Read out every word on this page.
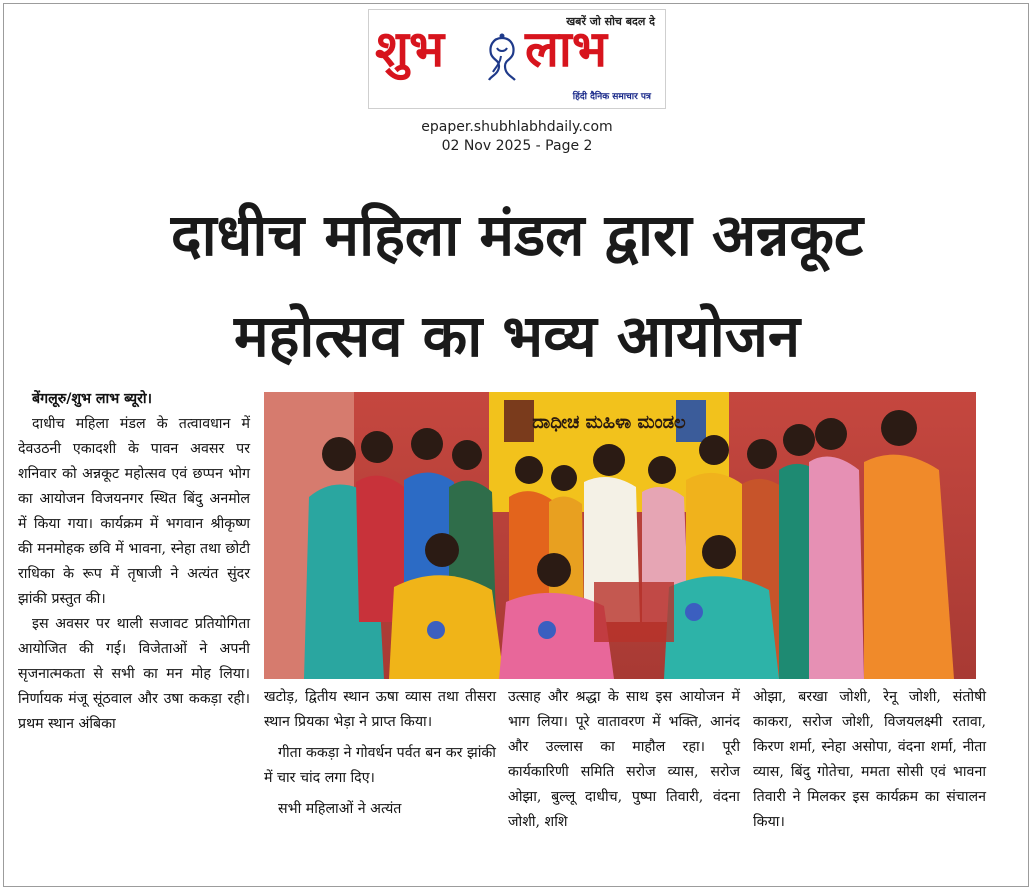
खबरें जो सोच बदल दे
शुभ लाभ
हिंदी दैनिक समाचार पत्र
epaper.shubhlabhdaily.com
02 Nov 2025 - Page 2
दाधीच महिला मंडल द्वारा अन्नकूट
महोत्सव का भव्य आयोजन

बेंगलूरु/शुभ लाभ ब्यूरो।

दाधीच महिला मंडल के तत्वावधान में देवउठनी एकादशी के पावन अवसर पर शनिवार को अन्नकूट महोत्सव एवं छप्पन भोग का आयोजन विजयनगर स्थित बिंदु अनमोल में किया गया। कार्यक्रम में भगवान श्रीकृष्ण की मनमोहक छवि में भावना, स्नेहा तथा छोटी राधिका के रूप में तृषाजी ने अत्यंत सुंदर झांकी प्रस्तुत की।

इस अवसर पर थाली सजावट प्रतियोगिता आयोजित की गई। विजेताओं ने अपनी सृजनात्मकता से सभी का मन मोह लिया। निर्णायक मंजू सूंठवाल और उषा ककड़ा रही। प्रथम स्थान अंबिका

ದಾಧೀಚ ಮಹಿಳಾ ಮಂಡಲ

खटोड़, द्वितीय स्थान ऊषा व्यास तथा तीसरा स्थान प्रियका भेड़ा ने प्राप्त किया।

गीता ककड़ा ने गोवर्धन पर्वत बन कर झांकी में चार चांद लगा दिए।

सभी महिलाओं ने अत्यंत

उत्साह और श्रद्धा के साथ इस आयोजन में भाग लिया। पूरे वातावरण में भक्ति, आनंद और उल्लास का माहौल रहा। पूरी कार्यकारिणी समिति सरोज व्यास, सरोज ओझा, बुल्लू दाधीच, पुष्पा तिवारी, वंदना जोशी, शशि

ओझा, बरखा जोशी, रेनू जोशी, संतोषी काकरा, सरोज जोशी, विजयलक्ष्मी रतावा, किरण शर्मा, स्नेहा असोपा, वंदना शर्मा, नीता व्यास, बिंदु गोतेचा, ममता सोसी एवं भावना तिवारी ने मिलकर इस कार्यक्रम का संचालन किया।
